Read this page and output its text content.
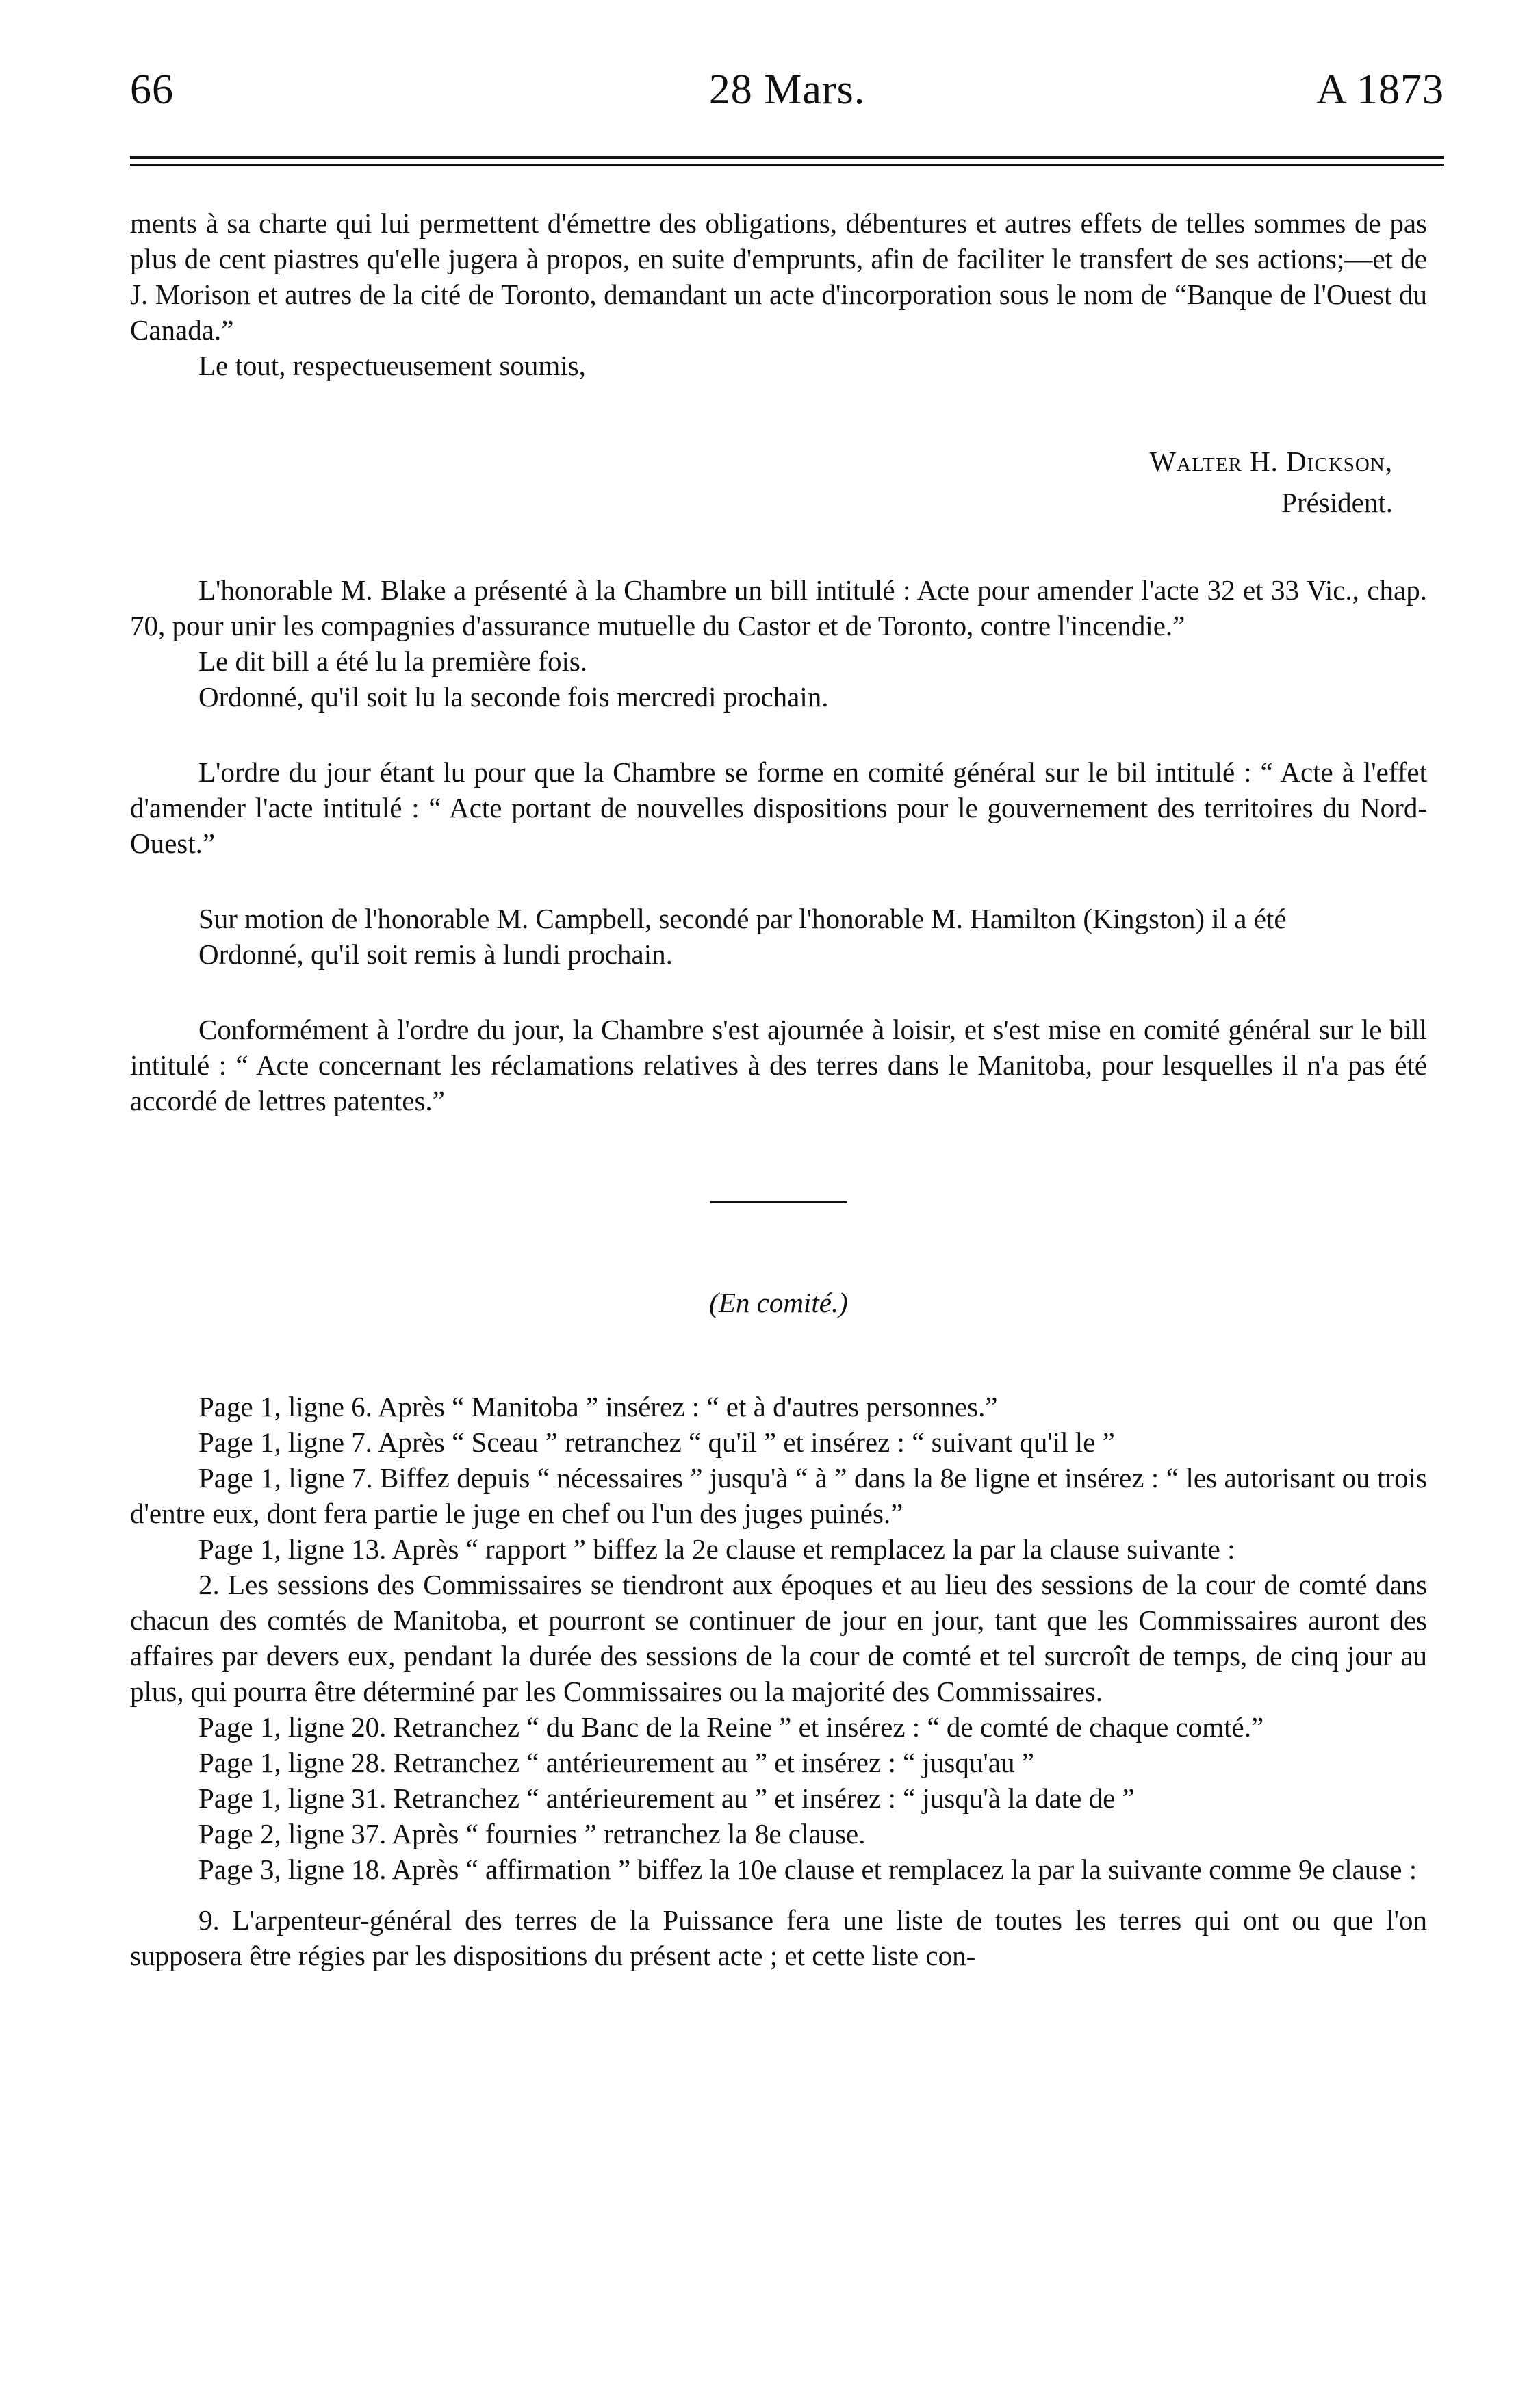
66	28 Mars.	A 1873

ments à sa charte qui lui permettent d'émettre des obligations, débentures et autres effets de telles sommes de pas plus de cent piastres qu'elle jugera à propos, en suite d'emprunts, afin de faciliter le transfert de ses actions;—et de J. Morison et autres de la cité de Toronto, demandant un acte d'incorporation sous le nom de “Banque de l'Ouest du Canada.”

Le tout, respectueusement soumis,

Walter H. Dickson,
Président.

L'honorable M. Blake a présenté à la Chambre un bill intitulé : Acte pour amender l'acte 32 et 33 Vic., chap. 70, pour unir les compagnies d'assurance mutuelle du Castor et de Toronto, contre l'incendie.”

Le dit bill a été lu la première fois.

Ordonné, qu'il soit lu la seconde fois mercredi prochain.

L'ordre du jour étant lu pour que la Chambre se forme en comité général sur le bil intitulé : “ Acte à l'effet d'amender l'acte intitulé : “ Acte portant de nouvelles dispositions pour le gouvernement des territoires du Nord-Ouest.”

Sur motion de l'honorable M. Campbell, secondé par l'honorable M. Hamilton (Kingston) il a été

Ordonné, qu'il soit remis à lundi prochain.

Conformément à l'ordre du jour, la Chambre s'est ajournée à loisir, et s'est mise en comité général sur le bill intitulé : “ Acte concernant les réclamations relatives à des terres dans le Manitoba, pour lesquelles il n'a pas été accordé de lettres patentes.”

(En comité.)

Page 1, ligne 6. Après “ Manitoba ” insérez : “ et à d'autres personnes.”

Page 1, ligne 7. Après “ Sceau ” retranchez “ qu'il ” et insérez : “ suivant qu'il le ”

Page 1, ligne 7. Biffez depuis “ nécessaires ” jusqu'à “ à ” dans la 8e ligne et insérez : “ les autorisant ou trois d'entre eux, dont fera partie le juge en chef ou l'un des juges puinés.”

Page 1, ligne 13. Après “ rapport ” biffez la 2e clause et remplacez la par la clause suivante :

2. Les sessions des Commissaires se tiendront aux époques et au lieu des sessions de la cour de comté dans chacun des comtés de Manitoba, et pourront se continuer de jour en jour, tant que les Commissaires auront des affaires par devers eux, pendant la durée des sessions de la cour de comté et tel surcroît de temps, de cinq jour au plus, qui pourra être déterminé par les Commissaires ou la majorité des Commissaires.

Page 1, ligne 20. Retranchez “ du Banc de la Reine ” et insérez : “ de comté de chaque comté.”

Page 1, ligne 28. Retranchez “ antérieurement au ” et insérez : “ jusqu'au ”

Page 1, ligne 31. Retranchez “ antérieurement au ” et insérez : “ jusqu'à la date de ”

Page 2, ligne 37. Après “ fournies ” retranchez la 8e clause.

Page 3, ligne 18. Après “ affirmation ” biffez la 10e clause et remplacez la par la suivante comme 9e clause :

9. L'arpenteur-général des terres de la Puissance fera une liste de toutes les terres qui ont ou que l'on supposera être régies par les dispositions du présent acte ; et cette liste con-
